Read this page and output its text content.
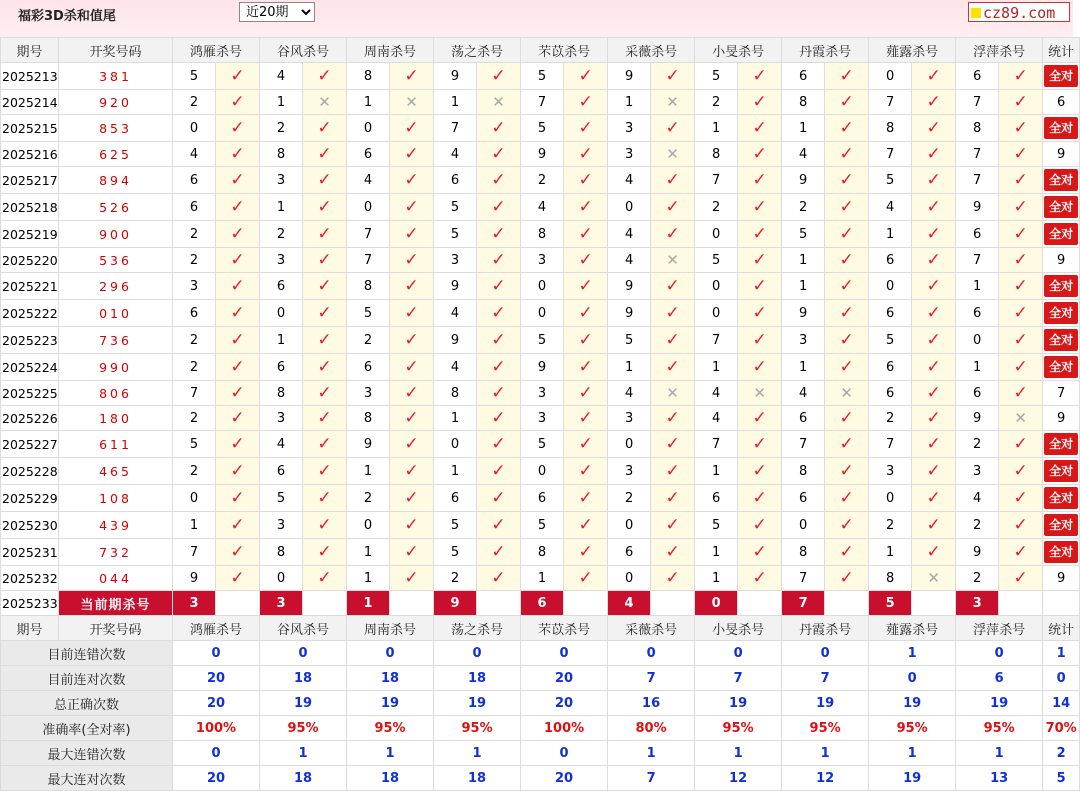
福彩3D杀和值尾
近20期	cz89.com
期号	开奖号码	鸿雁杀号		谷风杀号		周南杀号		荡之杀号		芣苡杀号		采薇杀号		小旻杀号		丹霞杀号		薤露杀号		浮萍杀号		统计
2025213	381	5	✓	4	✓	8	✓	9	✓	5	✓	9	✓	5	✓	6	✓	0	✓	6	✓	全对

2025214	920	2	✓	1	✕	1	✕	1	✕	7	✓	1	✕	2	✓	8	✓	7	✓	7	✓	6
2025215	853	0	✓	2	✓	0	✓	7	✓	5	✓	3	✓	1	✓	1	✓	8	✓	8	✓	全对

2025216	625	4	✓	8	✓	6	✓	4	✓	9	✓	3	✕	8	✓	4	✓	7	✓	7	✓	9
2025217	894	6	✓	3	✓	4	✓	6	✓	2	✓	4	✓	7	✓	9	✓	5	✓	7	✓	全对

2025218	526	6	✓	1	✓	0	✓	5	✓	4	✓	0	✓	2	✓	2	✓	4	✓	9	✓	全对

2025219	900	2	✓	2	✓	7	✓	5	✓	8	✓	4	✓	0	✓	5	✓	1	✓	6	✓	全对

2025220	536	2	✓	3	✓	7	✓	3	✓	3	✓	4	✕	5	✓	1	✓	6	✓	7	✓	9
2025221	296	3	✓	6	✓	8	✓	9	✓	0	✓	9	✓	0	✓	1	✓	0	✓	1	✓	全对

2025222	010	6	✓	0	✓	5	✓	4	✓	0	✓	9	✓	0	✓	9	✓	6	✓	6	✓	全对

2025223	736	2	✓	1	✓	2	✓	9	✓	5	✓	5	✓	7	✓	3	✓	5	✓	0	✓	全对

2025224	990	2	✓	6	✓	6	✓	4	✓	9	✓	1	✓	1	✓	1	✓	6	✓	1	✓	全对

2025225	806	7	✓	8	✓	3	✓	8	✓	3	✓	4	✕	4	✕	4	✕	6	✓	6	✓	7
2025226	180	2	✓	3	✓	8	✓	1	✓	3	✓	3	✓	4	✓	6	✓	2	✓	9	✕	9
2025227	611	5	✓	4	✓	9	✓	0	✓	5	✓	0	✓	7	✓	7	✓	7	✓	2	✓	全对

2025228	465	2	✓	6	✓	1	✓	1	✓	0	✓	3	✓	1	✓	8	✓	3	✓	3	✓	全对

2025229	108	0	✓	5	✓	2	✓	6	✓	6	✓	2	✓	6	✓	6	✓	0	✓	4	✓	全对

2025230	439	1	✓	3	✓	0	✓	5	✓	5	✓	0	✓	5	✓	0	✓	2	✓	2	✓	全对

2025231	732	7	✓	8	✓	1	✓	5	✓	8	✓	6	✓	1	✓	8	✓	1	✓	9	✓	全对

2025232	044	9	✓	0	✓	1	✓	2	✓	1	✓	0	✓	1	✓	7	✓	8	✕	2	✓	9
2025233	当前期杀号	3		3		1		9		6		4		0		7		5		3		
期号	开奖号码	鸿雁杀号		谷风杀号		周南杀号		荡之杀号		芣苡杀号		采薇杀号		小旻杀号		丹霞杀号		薤露杀号		浮萍杀号		统计
目前连错次数		0		0		0		0		0		0		0		0		1		0		1
目前连对次数		20		18		18		18		20		7		7		7		0		6		0
总正确次数		20		19		19		19		20		16		19		19		19		19		14
准确率(全对率)		100%		95%		95%		95%		100%		80%		95%		95%		95%		95%		70%
最大连错次数		0		1		1		1		0		1		1		1		1		1		2
最大连对次数		20		18		18		18		20		7		12		12		19		13		5
